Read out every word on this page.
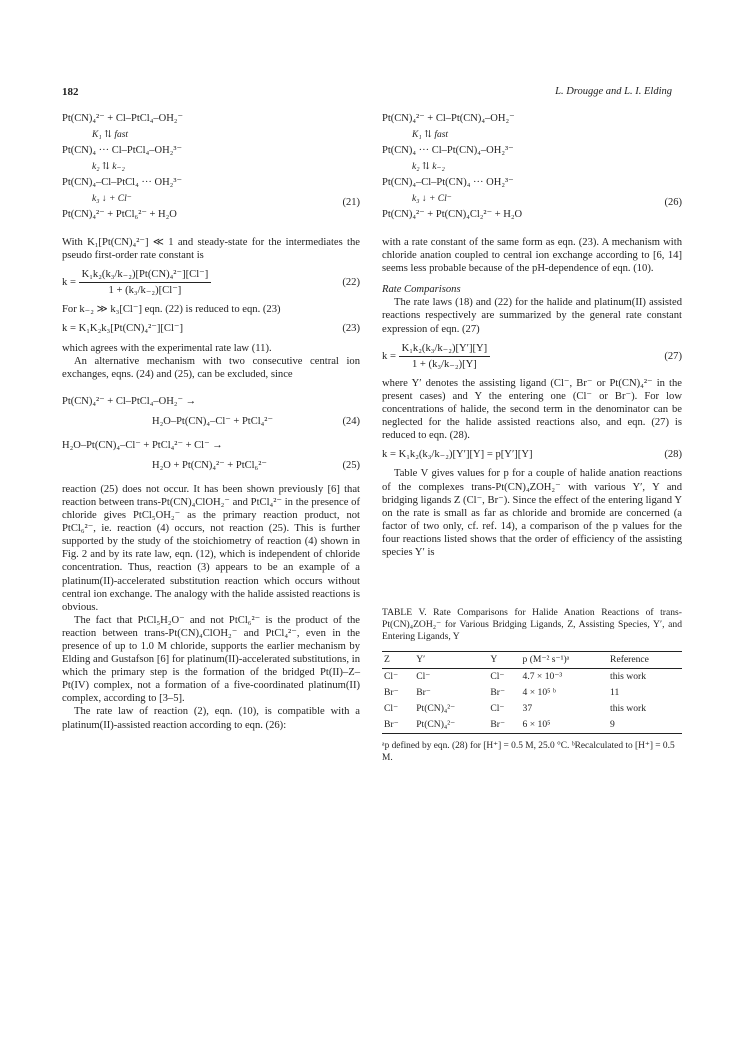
182	L. Drougge and L. I. Elding
Pt(CN)₄²⁻ + Cl–PtCl₄–OH₂⁻
K₁ ⇅ fast
Pt(CN)₄ ··· Cl–PtCl₄–OH₂³⁻
k₂ ⇅ k₋₂
Pt(CN)₄–Cl–PtCl₄ ··· OH₂³⁻
k₃ ↓ + Cl⁻
Pt(CN)₄²⁻ + PtCl₆²⁻ + H₂O
(21)

With K₁[Pt(CN)₄²⁻] ≪ 1 and steady-state for the intermediates the pseudo first-order rate constant is

$k = \frac{\text{K₁k₂(k₃/k₋₂)[Pt(CN)₄²⁻][Cl⁻]}}{\text{1 + (k₃/k₋₂)[Cl⁻]}}$	(22)

For k₋₂ ≫ k₃[Cl⁻] eqn. (22) is reduced to eqn. (23)

k = K₁K₂k₃[Pt(CN)₄²⁻][Cl⁻]	(23)

which agrees with the experimental rate law (11).

An alternative mechanism with two consecutive central ion exchanges, eqns. (24) and (25), can be excluded, since

Pt(CN)₄²⁻ + Cl–PtCl₄–OH₂⁻ →
H₂O–Pt(CN)₄–Cl⁻ + PtCl₄²⁻	(24)
H₂O–Pt(CN)₄–Cl⁻ + PtCl₄²⁻ + Cl⁻ →
H₂O + Pt(CN)₄²⁻ + PtCl₆²⁻	(25)

reaction (25) does not occur. It has been shown previously [6] that reaction between trans-Pt(CN)₄ClOH₂⁻ and PtCl₄²⁻ in the presence of chloride gives PtCl₅OH₂⁻ as the primary reaction product, not PtCl₆²⁻, ie. reaction (4) occurs, not reaction (25). This is further supported by the study of the stoichiometry of reaction (4) shown in Fig. 2 and by its rate law, eqn. (12), which is independent of chloride concentration. Thus, reaction (3) appears to be an example of a platinum(II)-accelerated substitution reaction which occurs without central ion exchange. The analogy with the halide assisted reactions is obvious.

The fact that PtCl₅H₂O⁻ and not PtCl₆²⁻ is the product of the reaction between trans-Pt(CN)₄ClOH₂⁻ and PtCl₄²⁻, even in the presence of up to 1.0 M chloride, supports the earlier mechanism by Elding and Gustafson [6] for platinum(II)-accelerated substitutions, in which the primary step is the formation of the bridged Pt(II)–Z–Pt(IV) complex, not a formation of a five-coordinated platinum(II) complex, according to [3–5].

The rate law of reaction (2), eqn. (10), is compatible with a platinum(II)-assisted reaction according to eqn. (26):

Pt(CN)₄²⁻ + Cl–Pt(CN)₄–OH₂⁻
K₁ ⇅ fast
Pt(CN)₄ ··· Cl–Pt(CN)₄–OH₂³⁻
k₂ ⇅ k₋₂
Pt(CN)₄–Cl–Pt(CN)₄ ··· OH₂³⁻
k₃ ↓ + Cl⁻
Pt(CN)₄²⁻ + Pt(CN)₄Cl₂²⁻ + H₂O
(26)

with a rate constant of the same form as eqn. (23). A mechanism with chloride anation coupled to central ion exchange according to [6, 14] seems less probable because of the pH-dependence of eqn. (10).

Rate Comparisons

The rate laws (18) and (22) for the halide and platinum(II) assisted reactions respectively are summarized by the general rate constant expression of eqn. (27)

$k = \frac{\text{K₁k₂(k₃/k₋₂)[Y′][Y]}}{\text{1 + (k₃/k₋₂)[Y]}}$	(27)

where Y′ denotes the assisting ligand (Cl⁻, Br⁻ or Pt(CN)₄²⁻ in the present cases) and Y the entering one (Cl⁻ or Br⁻). For low concentrations of halide, the second term in the denominator can be neglected for the halide assisted reactions also, and eqn. (27) is reduced to eqn. (28).

k = K₁k₂(k₃/k₋₂)[Y′][Y] = p[Y′][Y]	(28)

Table V gives values for p for a couple of halide anation reactions of the complexes trans-Pt(CN)₄ZOH₂⁻ with various Y′, Y and bridging ligands Z (Cl⁻, Br⁻). Since the effect of the entering ligand Y on the rate is small as far as chloride and bromide are concerned (a factor of two only, cf. ref. 14), a comparison of the p values for the four reactions listed shows that the order of efficiency of the assisting species Y′ is

TABLE V. Rate Comparisons for Halide Anation Reactions of trans-Pt(CN)₄ZOH₂⁻ for Various Bridging Ligands, Z, Assisting Species, Y′, and Entering Ligands, Y
Z	Y′	Y	p (M⁻² s⁻¹)ᵃ	Reference
Cl⁻	Cl⁻	Cl⁻	4.7 × 10⁻³	this work
Br⁻	Br⁻	Br⁻	4 × 10⁵ ᵇ	11
Cl⁻	Pt(CN)₄²⁻	Cl⁻	37	this work
Br⁻	Pt(CN)₄²⁻	Br⁻	6 × 10⁵	9
ᵃp defined by eqn. (28) for [H⁺] = 0.5 M, 25.0 °C. ᵇRecalculated to [H⁺] = 0.5 M.
